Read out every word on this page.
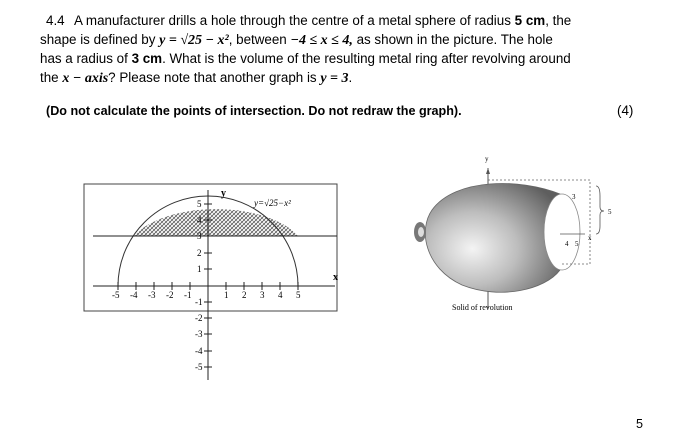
4.4 A manufacturer drills a hole through the centre of a metal sphere of radius 5 cm, the
shape is defined by y = √25 − x², between −4 ≤ x ≤ 4, as shown in the picture. The hole
has a radius of 3 cm. What is the volume of the resulting metal ring after revolving around
the x − axis? Please note that another graph is y = 3.
(Do not calculate the points of intersection. Do not redraw the graph).	(4)
-5 -4 -3 -2 -1	1 2 3 4 5
1
2
3
4
5
-1
-2
-3
-4
-5
x
y
y=√25−x²
y
x
3
5
4 5
Solid of revolution
5
